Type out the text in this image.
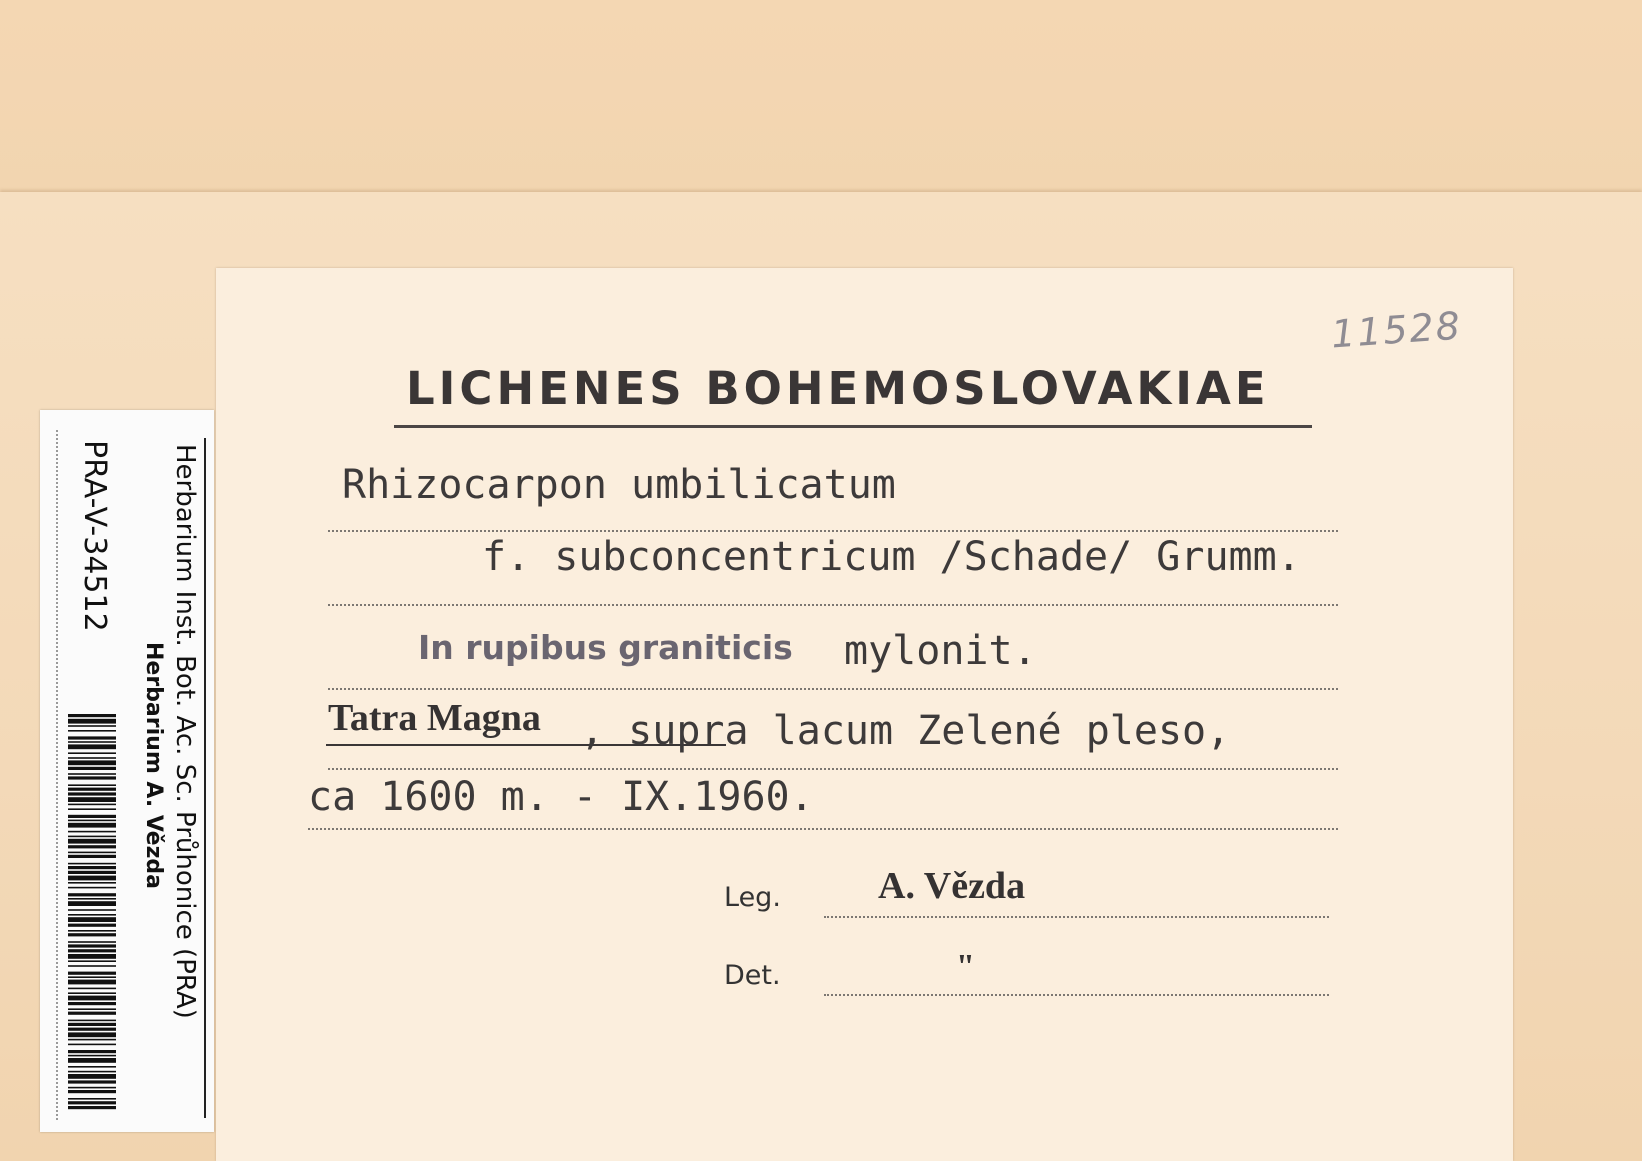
11528
LICHENES BOHEMOSLOVAKIAE
Rhizocarpon umbilicatum
f. subconcentricum /Schade/ Grumm.
In rupibus graniticis mylonit.
Tatra Magna , supra lacum Zelené pleso,
ca 1600 m. - IX.1960.
Leg.	A. Vězda
Det.	"
Herbarium Inst. Bot. Ac. Sc. Průhonice (PRA)
Herbarium A. Vězda
PRA-V-34512
